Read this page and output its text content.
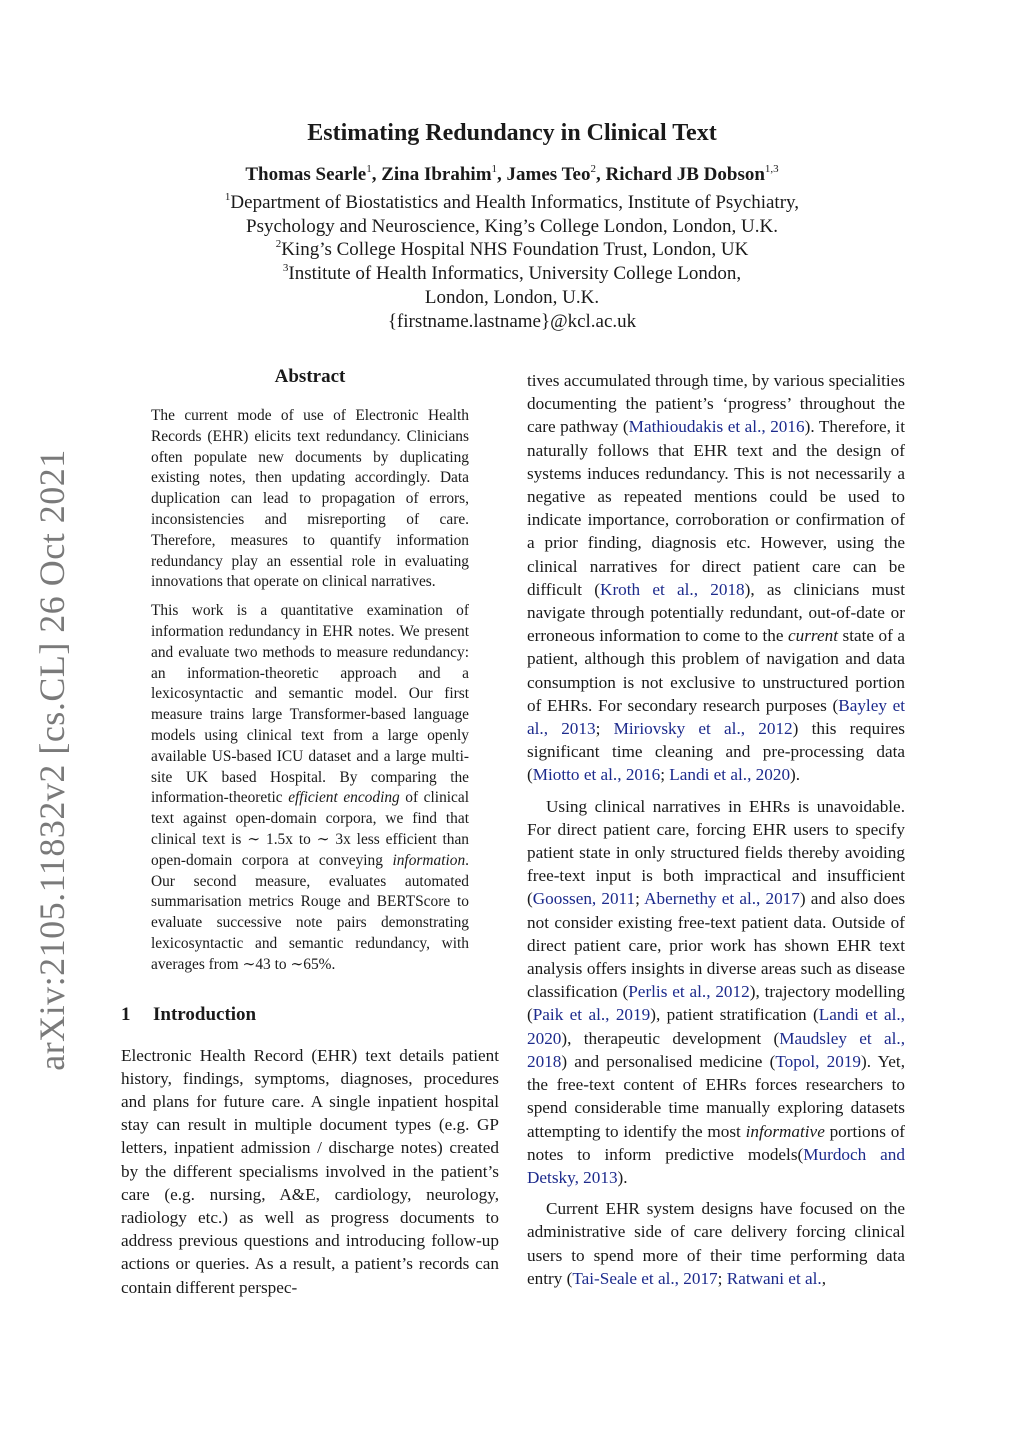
arXiv:2105.11832v2 [cs.CL] 26 Oct 2021
Estimating Redundancy in Clinical Text
Thomas Searle$^1$, Zina Ibrahim$^1$, James Teo$^2$, Richard JB Dobson$^{1,3}$
$^1$Department of Biostatistics and Health Informatics, Institute of Psychiatry,
Psychology and Neuroscience, King’s College London, London, U.K.
$^2$King’s College Hospital NHS Foundation Trust, London, UK
$^3$Institute of Health Informatics, University College London,
London, London, U.K.
{firstname.lastname}@kcl.ac.uk
Abstract

The current mode of use of Electronic Health Records (EHR) elicits text redundancy. Clinicians often populate new documents by duplicating existing notes, then updating accordingly. Data duplication can lead to propagation of errors, inconsistencies and misreporting of care. Therefore, measures to quantify information redundancy play an essential role in evaluating innovations that operate on clinical narratives.

This work is a quantitative examination of information redundancy in EHR notes. We present and evaluate two methods to measure redundancy: an information-theoretic approach and a lexicosyntactic and semantic model. Our first measure trains large Transformer-based language models using clinical text from a large openly available US-based ICU dataset and a large multi-site UK based Hospital. By comparing the information-theoretic efficient encoding of clinical text against open-domain corpora, we find that clinical text is ∼ 1.5x to ∼ 3x less efficient than open-domain corpora at conveying information. Our second measure, evaluates automated summarisation metrics Rouge and BERTScore to evaluate successive note pairs demonstrating lexicosyntactic and semantic redundancy, with averages from ∼43 to ∼65%.

1 Introduction

Electronic Health Record (EHR) text details patient history, findings, symptoms, diagnoses, procedures and plans for future care. A single inpatient hospital stay can result in multiple document types (e.g. GP letters, inpatient admission / discharge notes) created by the different specialisms involved in the patient’s care (e.g. nursing, A&E, cardiology, neurology, radiology etc.) as well as progress documents to address previous questions and introducing follow-up actions or queries. As a result, a patient’s records can contain different perspec-

tives accumulated through time, by various specialities documenting the patient’s ‘progress’ throughout the care pathway (Mathioudakis et al., 2016). Therefore, it naturally follows that EHR text and the design of systems induces redundancy. This is not necessarily a negative as repeated mentions could be used to indicate importance, corroboration or confirmation of a prior finding, diagnosis etc. However, using the clinical narratives for direct patient care can be difficult (Kroth et al., 2018), as clinicians must navigate through potentially redundant, out-of-date or erroneous information to come to the current state of a patient, although this problem of navigation and data consumption is not exclusive to unstructured portion of EHRs. For secondary research purposes (Bayley et al., 2013; Miriovsky et al., 2012) this requires significant time cleaning and pre-processing data (Miotto et al., 2016; Landi et al., 2020).

Using clinical narratives in EHRs is unavoidable. For direct patient care, forcing EHR users to specify patient state in only structured fields thereby avoiding free-text input is both impractical and insufficient (Goossen, 2011; Abernethy et al., 2017) and also does not consider existing free-text patient data. Outside of direct patient care, prior work has shown EHR text analysis offers insights in diverse areas such as disease classification (Perlis et al., 2012), trajectory modelling (Paik et al., 2019), patient stratification (Landi et al., 2020), therapeutic development (Maudsley et al., 2018) and personalised medicine (Topol, 2019). Yet, the free-text content of EHRs forces researchers to spend considerable time manually exploring datasets attempting to identify the most informative portions of notes to inform predictive models(Murdoch and Detsky, 2013).

Current EHR system designs have focused on the administrative side of care delivery forcing clinical users to spend more of their time performing data entry (Tai-Seale et al., 2017; Ratwani et al.,
